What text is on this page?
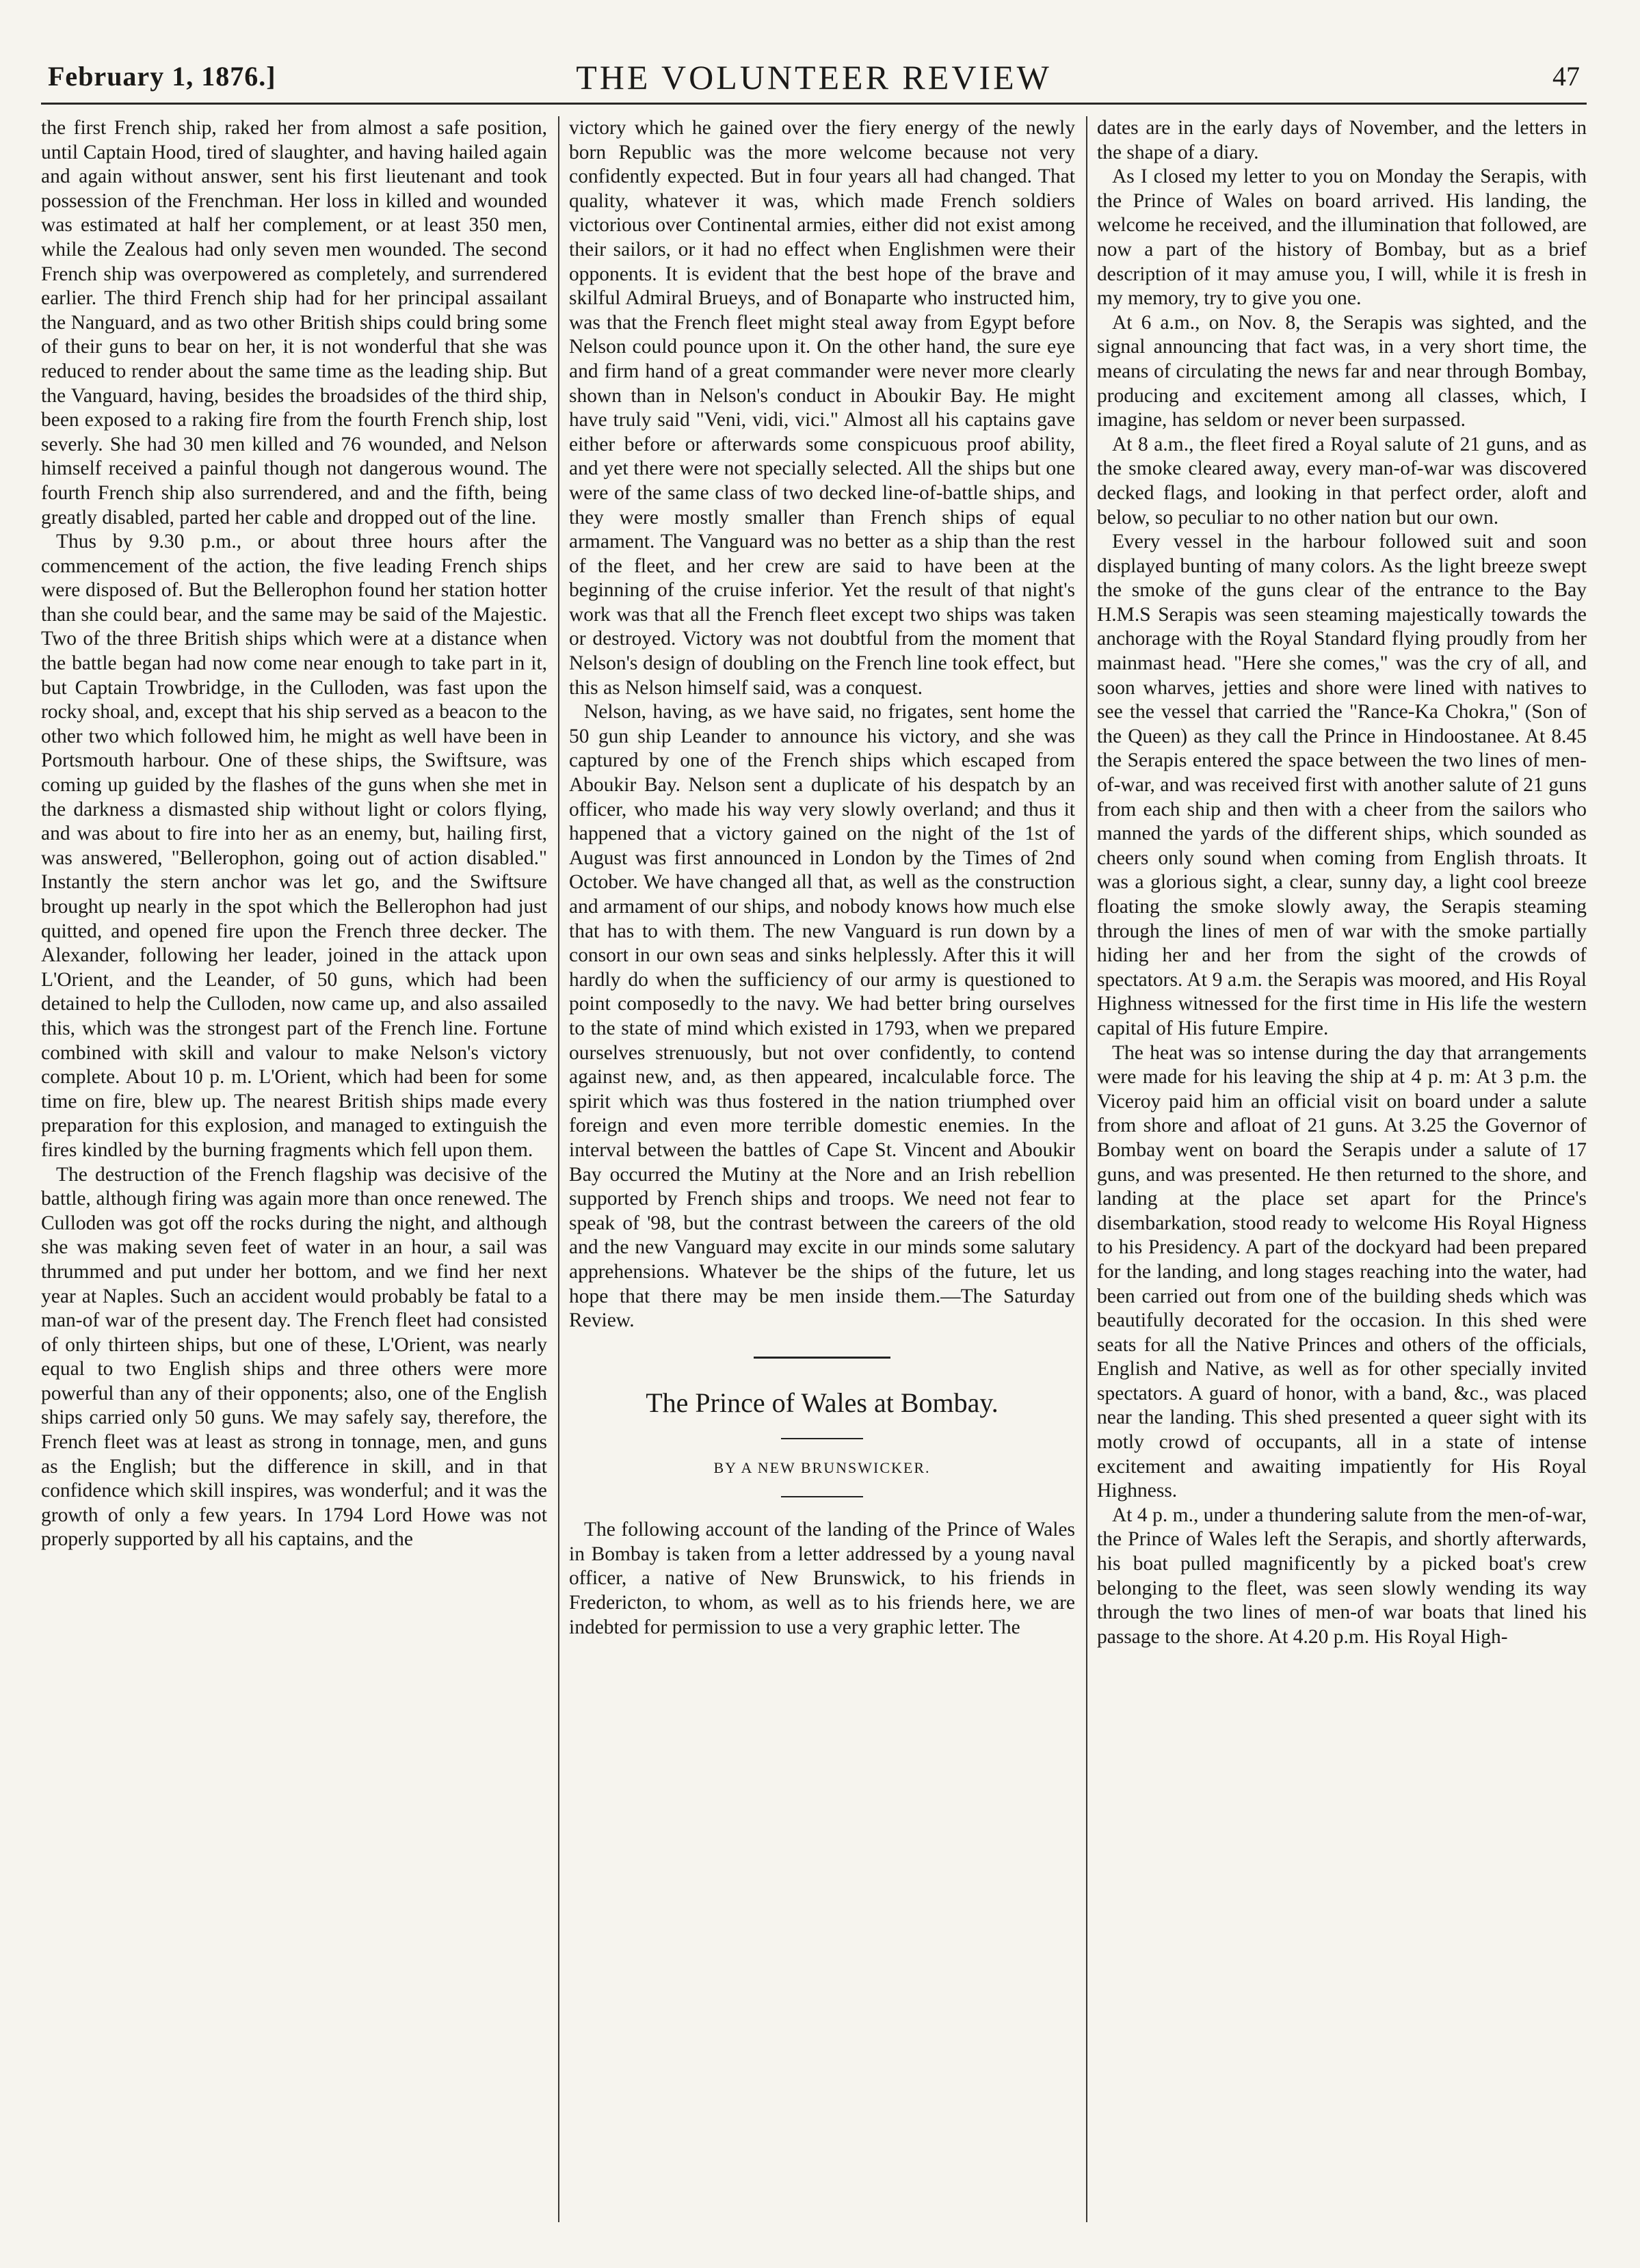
February 1, 1876.]	THE VOLUNTEER REVIEW	47

the first French ship, raked her from almost a safe position, until Captain Hood, tired of slaughter, and having hailed again and again without answer, sent his first lieutenant and took possession of the Frenchman. Her loss in killed and wounded was estimated at half her complement, or at least 350 men, while the Zealous had only seven men wounded. The second French ship was overpowered as completely, and surrendered earlier. The third French ship had for her principal assailant the Nanguard, and as two other British ships could bring some of their guns to bear on her, it is not wonderful that she was reduced to render about the same time as the leading ship. But the Vanguard, having, besides the broadsides of the third ship, been exposed to a raking fire from the fourth French ship, lost severly. She had 30 men killed and 76 wounded, and Nelson himself received a painful though not dangerous wound. The fourth French ship also surrendered, and and the fifth, being greatly disabled, parted her cable and dropped out of the line.

Thus by 9.30 p.m., or about three hours after the commencement of the action, the five leading French ships were disposed of. But the Bellerophon found her station hotter than she could bear, and the same may be said of the Majestic. Two of the three British ships which were at a distance when the battle began had now come near enough to take part in it, but Captain Trowbridge, in the Culloden, was fast upon the rocky shoal, and, except that his ship served as a beacon to the other two which followed him, he might as well have been in Portsmouth harbour. One of these ships, the Swiftsure, was coming up guided by the flashes of the guns when she met in the darkness a dismasted ship without light or colors flying, and was about to fire into her as an enemy, but, hailing first, was answered, "Bellerophon, going out of action disabled." Instantly the stern anchor was let go, and the Swiftsure brought up nearly in the spot which the Bellerophon had just quitted, and opened fire upon the French three decker. The Alexander, following her leader, joined in the attack upon L'Orient, and the Leander, of 50 guns, which had been detained to help the Culloden, now came up, and also assailed this, which was the strongest part of the French line. Fortune combined with skill and valour to make Nelson's victory complete. About 10 p. m. L'Orient, which had been for some time on fire, blew up. The nearest British ships made every preparation for this explosion, and managed to extinguish the fires kindled by the burning fragments which fell upon them.

The destruction of the French flagship was decisive of the battle, although firing was again more than once renewed. The Culloden was got off the rocks during the night, and although she was making seven feet of water in an hour, a sail was thrummed and put under her bottom, and we find her next year at Naples. Such an accident would probably be fatal to a man-of war of the present day. The French fleet had consisted of only thirteen ships, but one of these, L'Orient, was nearly equal to two English ships and three others were more powerful than any of their opponents; also, one of the English ships carried only 50 guns. We may safely say, therefore, the French fleet was at least as strong in tonnage, men, and guns as the English; but the difference in skill, and in that confidence which skill inspires, was wonderful; and it was the growth of only a few years. In 1794 Lord Howe was not properly supported by all his captains, and the

victory which he gained over the fiery energy of the newly born Republic was the more welcome because not very confidently expected. But in four years all had changed. That quality, whatever it was, which made French soldiers victorious over Continental armies, either did not exist among their sailors, or it had no effect when Englishmen were their opponents. It is evident that the best hope of the brave and skilful Admiral Brueys, and of Bonaparte who instructed him, was that the French fleet might steal away from Egypt before Nelson could pounce upon it. On the other hand, the sure eye and firm hand of a great commander were never more clearly shown than in Nelson's conduct in Aboukir Bay. He might have truly said "Veni, vidi, vici." Almost all his captains gave either before or afterwards some conspicuous proof ability, and yet there were not specially selected. All the ships but one were of the same class of two decked line-of-battle ships, and they were mostly smaller than French ships of equal armament. The Vanguard was no better as a ship than the rest of the fleet, and her crew are said to have been at the beginning of the cruise inferior. Yet the result of that night's work was that all the French fleet except two ships was taken or destroyed. Victory was not doubtful from the moment that Nelson's design of doubling on the French line took effect, but this as Nelson himself said, was a conquest.

Nelson, having, as we have said, no frigates, sent home the 50 gun ship Leander to announce his victory, and she was captured by one of the French ships which escaped from Aboukir Bay. Nelson sent a duplicate of his despatch by an officer, who made his way very slowly overland; and thus it happened that a victory gained on the night of the 1st of August was first announced in London by the Times of 2nd October. We have changed all that, as well as the construction and armament of our ships, and nobody knows how much else that has to with them. The new Vanguard is run down by a consort in our own seas and sinks helplessly. After this it will hardly do when the sufficiency of our army is questioned to point composedly to the navy. We had better bring ourselves to the state of mind which existed in 1793, when we prepared ourselves strenuously, but not over confidently, to contend against new, and, as then appeared, incalculable force. The spirit which was thus fostered in the nation triumphed over foreign and even more terrible domestic enemies. In the interval between the battles of Cape St. Vincent and Aboukir Bay occurred the Mutiny at the Nore and an Irish rebellion supported by French ships and troops. We need not fear to speak of '98, but the contrast between the careers of the old and the new Vanguard may excite in our minds some salutary apprehensions. Whatever be the ships of the future, let us hope that there may be men inside them.—The Saturday Review.

The Prince of Wales at Bombay.

BY A NEW BRUNSWICKER.

The following account of the landing of the Prince of Wales in Bombay is taken from a letter addressed by a young naval officer, a native of New Brunswick, to his friends in Fredericton, to whom, as well as to his friends here, we are indebted for permission to use a very graphic letter. The

dates are in the early days of November, and the letters in the shape of a diary.

As I closed my letter to you on Monday the Serapis, with the Prince of Wales on board arrived. His landing, the welcome he received, and the illumination that followed, are now a part of the history of Bombay, but as a brief description of it may amuse you, I will, while it is fresh in my memory, try to give you one.

At 6 a.m., on Nov. 8, the Serapis was sighted, and the signal announcing that fact was, in a very short time, the means of circulating the news far and near through Bombay, producing and excitement among all classes, which, I imagine, has seldom or never been surpassed.

At 8 a.m., the fleet fired a Royal salute of 21 guns, and as the smoke cleared away, every man-of-war was discovered decked flags, and looking in that perfect order, aloft and below, so peculiar to no other nation but our own.

Every vessel in the harbour followed suit and soon displayed bunting of many colors. As the light breeze swept the smoke of the guns clear of the entrance to the Bay H.M.S Serapis was seen steaming majestically towards the anchorage with the Royal Standard flying proudly from her mainmast head. "Here she comes," was the cry of all, and soon wharves, jetties and shore were lined with natives to see the vessel that carried the "Rance-Ka Chokra," (Son of the Queen) as they call the Prince in Hindoostanee. At 8.45 the Serapis entered the space between the two lines of men-of-war, and was received first with another salute of 21 guns from each ship and then with a cheer from the sailors who manned the yards of the different ships, which sounded as cheers only sound when coming from English throats. It was a glorious sight, a clear, sunny day, a light cool breeze floating the smoke slowly away, the Serapis steaming through the lines of men of war with the smoke partially hiding her and her from the sight of the crowds of spectators. At 9 a.m. the Serapis was moored, and His Royal Highness witnessed for the first time in His life the western capital of His future Empire.

The heat was so intense during the day that arrangements were made for his leaving the ship at 4 p. m: At 3 p.m. the Viceroy paid him an official visit on board under a salute from shore and afloat of 21 guns. At 3.25 the Governor of Bombay went on board the Serapis under a salute of 17 guns, and was presented. He then returned to the shore, and landing at the place set apart for the Prince's disembarkation, stood ready to welcome His Royal Higness to his Presidency. A part of the dockyard had been prepared for the landing, and long stages reaching into the water, had been carried out from one of the building sheds which was beautifully decorated for the occasion. In this shed were seats for all the Native Princes and others of the officials, English and Native, as well as for other specially invited spectators. A guard of honor, with a band, &c., was placed near the landing. This shed presented a queer sight with its motly crowd of occupants, all in a state of intense excitement and awaiting impatiently for His Royal Highness.

At 4 p. m., under a thundering salute from the men-of-war, the Prince of Wales left the Serapis, and shortly afterwards, his boat pulled magnificently by a picked boat's crew belonging to the fleet, was seen slowly wending its way through the two lines of men-of war boats that lined his passage to the shore. At 4.20 p.m. His Royal High-
